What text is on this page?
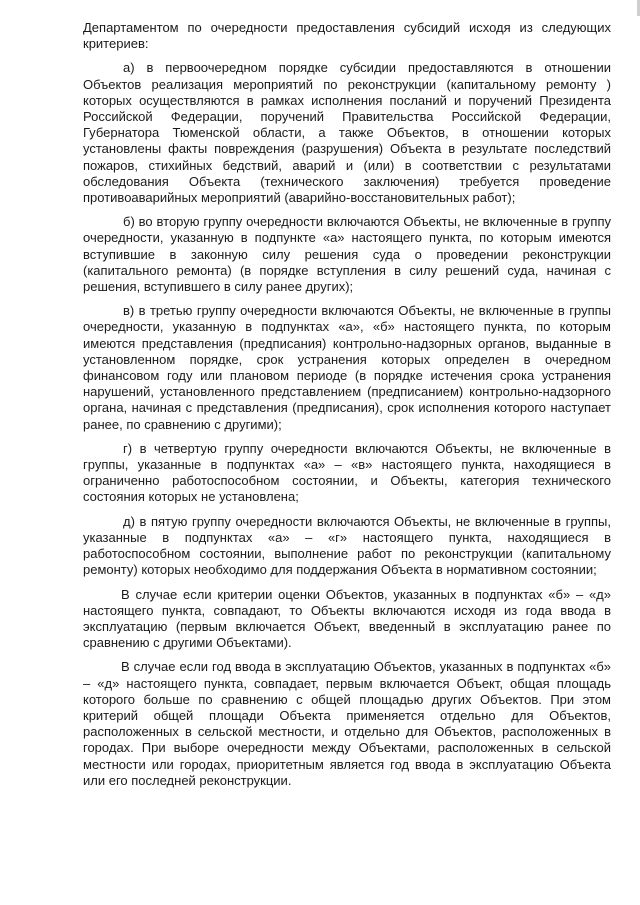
Департаментом по очередности предоставления субсидий исходя из следующих критериев:

а) в первоочередном порядке субсидии предоставляются в отношении Объектов реализация мероприятий по реконструкции (капитальному ремонту ) которых осуществляются в рамках исполнения посланий и поручений Президента Российской Федерации, поручений Правительства Российской Федерации, Губернатора Тюменской области, а также Объектов, в отношении которых установлены факты повреждения (разрушения) Объекта в результате последствий пожаров, стихийных бедствий, аварий и (или) в соответствии с результатами обследования Объекта (технического заключения) требуется проведение противоаварийных мероприятий (аварийно-восстановительных работ);

б) во вторую группу очередности включаются Объекты, не включенные в группу очередности, указанную в подпункте «а» настоящего пункта, по которым имеются вступившие в законную силу решения суда о проведении реконструкции (капитального ремонта) (в порядке вступления в силу решений суда, начиная с решения, вступившего в силу ранее других);

в) в третью группу очередности включаются Объекты, не включенные в группы очередности, указанную в подпунктах «а», «б» настоящего пункта, по которым имеются представления (предписания) контрольно-надзорных органов, выданные в установленном порядке, срок устранения которых определен в очередном финансовом году или плановом периоде (в порядке истечения срока устранения нарушений, установленного представлением (предписанием) контрольно-надзорного органа, начиная с представления (предписания), срок исполнения которого наступает ранее, по сравнению с другими);

г) в четвертую группу очередности включаются Объекты, не включенные в группы, указанные в подпунктах «а» – «в» настоящего пункта, находящиеся в ограниченно работоспособном состоянии, и Объекты, категория технического состояния которых не установлена;

д) в пятую группу очередности включаются Объекты, не включенные в группы, указанные в подпунктах «а» – «г» настоящего пункта, находящиеся в работоспособном состоянии, выполнение работ по реконструкции (капитальному ремонту) которых необходимо для поддержания Объекта в нормативном состоянии;

В случае если критерии оценки Объектов, указанных в подпунктах «б» – «д» настоящего пункта, совпадают, то Объекты включаются исходя из года ввода в эксплуатацию (первым включается Объект, введенный в эксплуатацию ранее по сравнению с другими Объектами).

В случае если год ввода в эксплуатацию Объектов, указанных в подпунктах «б» – «д» настоящего пункта, совпадает, первым включается Объект, общая площадь которого больше по сравнению с общей площадью других Объектов. При этом критерий общей площади Объекта применяется отдельно для Объектов, расположенных в сельской местности, и отдельно для Объектов, расположенных в городах. При выборе очередности между Объектами, расположенных в сельской местности или городах, приоритетным является год ввода в эксплуатацию Объекта или его последней реконструкции.
